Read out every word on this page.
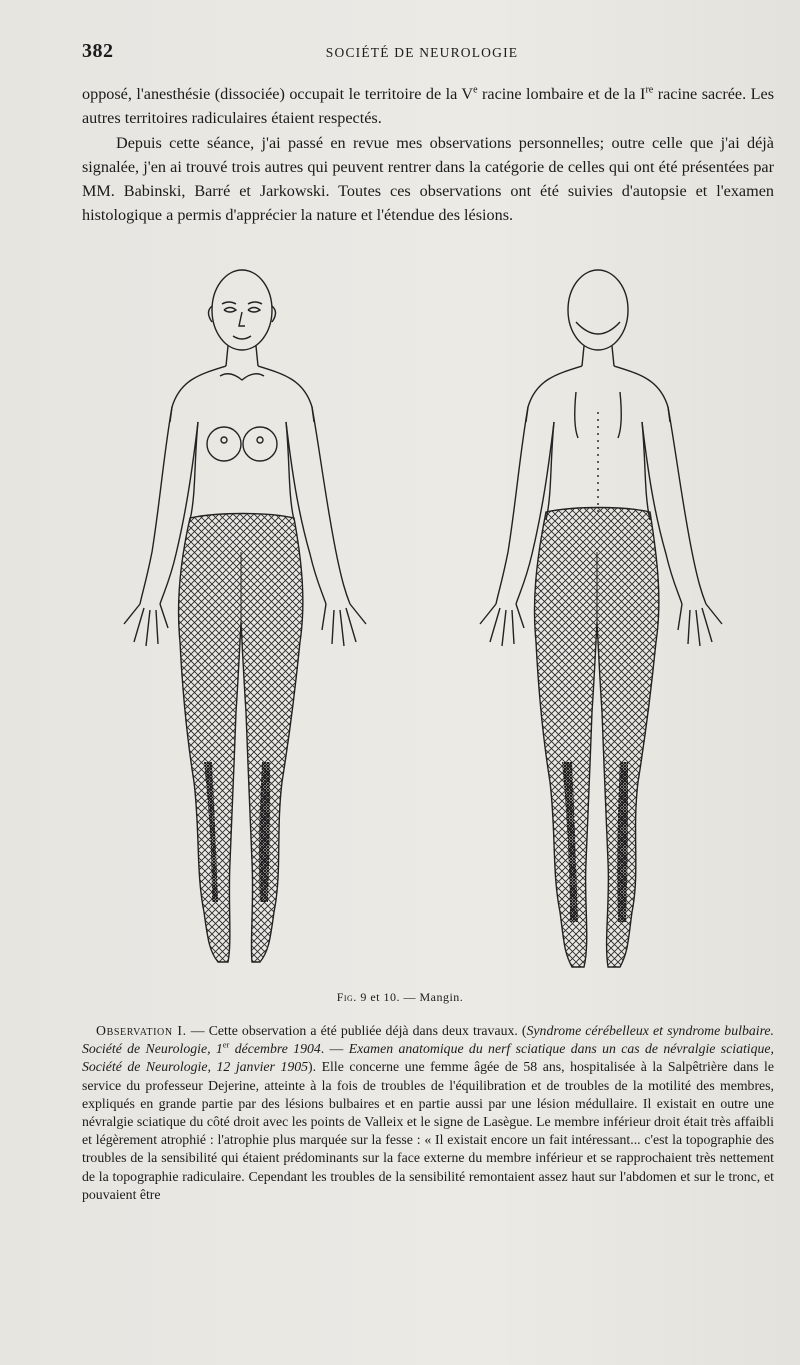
382	SOCIÉTÉ DE NEUROLOGIE

opposé, l'anesthésie (dissociée) occupait le territoire de la Ve racine lombaire et de la Ire racine sacrée. Les autres territoires radiculaires étaient respectés.

Depuis cette séance, j'ai passé en revue mes observations personnelles; outre celle que j'ai déjà signalée, j'en ai trouvé trois autres qui peuvent rentrer dans la catégorie de celles qui ont été présentées par MM. Babinski, Barré et Jarkowski. Toutes ces observations ont été suivies d'autopsie et l'examen histologique a permis d'apprécier la nature et l'étendue des lésions.

Fig. 9 et 10. — Mangin.

Observation I. — Cette observation a été publiée déjà dans deux travaux. (Syndrome cérébelleux et syndrome bulbaire. Société de Neurologie, 1er décembre 1904. — Examen anatomique du nerf sciatique dans un cas de névralgie sciatique, Société de Neurologie, 12 janvier 1905). Elle concerne une femme âgée de 58 ans, hospitalisée à la Salpêtrière dans le service du professeur Dejerine, atteinte à la fois de troubles de l'équilibration et de troubles de la motilité des membres, expliqués en grande partie par des lésions bulbaires et en partie aussi par une lésion médullaire. Il existait en outre une névralgie sciatique du côté droit avec les points de Valleix et le signe de Lasègue. Le membre inférieur droit était très affaibli et légèrement atrophié : l'atrophie plus marquée sur la fesse : « Il existait encore un fait intéressant... c'est la topographie des troubles de la sensibilité qui étaient prédominants sur la face externe du membre inférieur et se rapprochaient très nettement de la topographie radiculaire. Cependant les troubles de la sensibilité remontaient assez haut sur l'abdomen et sur le tronc, et pouvaient être
